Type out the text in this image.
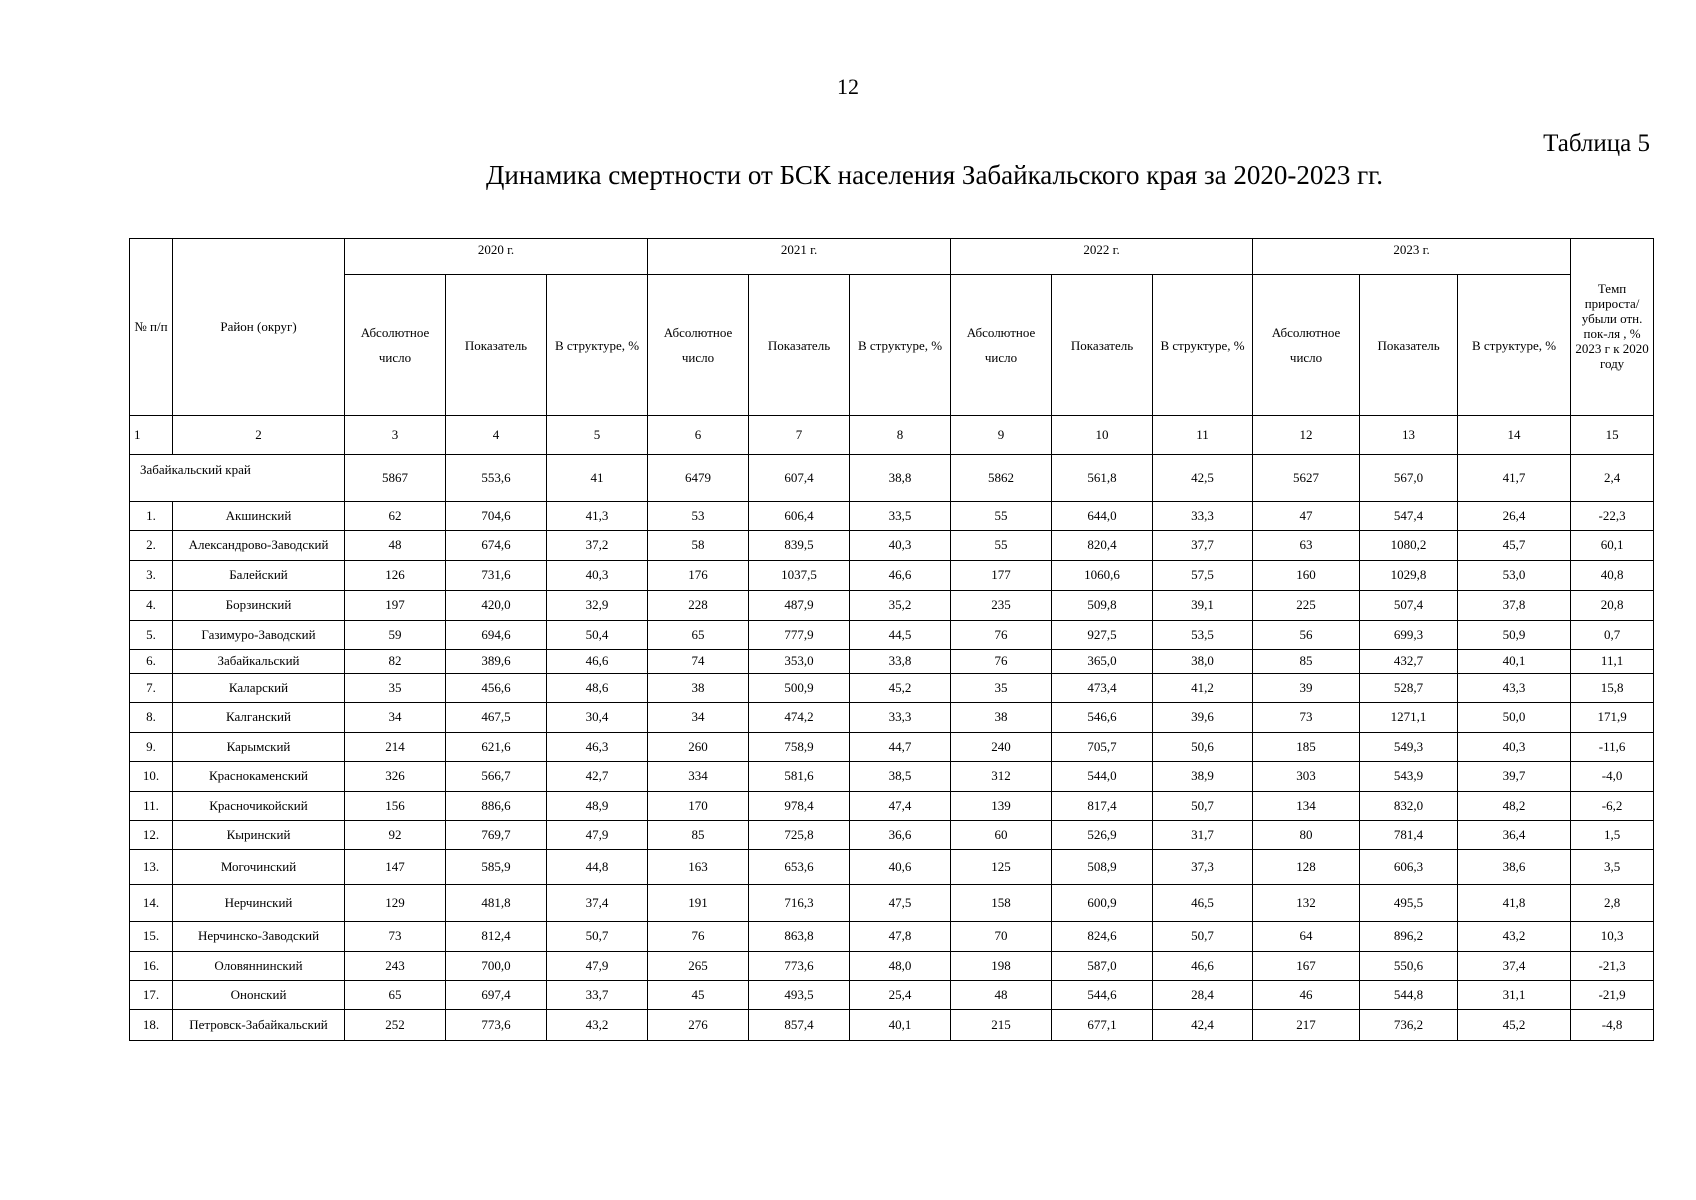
12
Таблица 5
Динамика смертности от БСК населения Забайкальского края за 2020-2023 гг.
№ п/п	Район (округ)	2020 г.			2021 г.			2022 г.			2023 г.			Темп прироста/ убыли отн. пок-ля , % 2023 г к 2020 году
		Абсолютное число	Показатель	В структуре, %	Абсолютное число	Показатель	В структуре, %	Абсолютное число	Показатель	В структуре, %	Абсолютное число	Показатель	В структуре, %	
1	2	3	4	5	6	7	8	9	10	11	12	13	14	15
Забайкальский край		5867	553,6	41	6479	607,4	38,8	5862	561,8	42,5	5627	567,0	41,7	2,4
1.	Акшинский	62	704,6	41,3	53	606,4	33,5	55	644,0	33,3	47	547,4	26,4	-22,3
2.	Александрово-Заводский	48	674,6	37,2	58	839,5	40,3	55	820,4	37,7	63	1080,2	45,7	60,1
3.	Балейский	126	731,6	40,3	176	1037,5	46,6	177	1060,6	57,5	160	1029,8	53,0	40,8
4.	Борзинский	197	420,0	32,9	228	487,9	35,2	235	509,8	39,1	225	507,4	37,8	20,8
5.	Газимуро-Заводский	59	694,6	50,4	65	777,9	44,5	76	927,5	53,5	56	699,3	50,9	0,7
6.	Забайкальский	82	389,6	46,6	74	353,0	33,8	76	365,0	38,0	85	432,7	40,1	11,1
7.	Каларский	35	456,6	48,6	38	500,9	45,2	35	473,4	41,2	39	528,7	43,3	15,8
8.	Калганский	34	467,5	30,4	34	474,2	33,3	38	546,6	39,6	73	1271,1	50,0	171,9
9.	Карымский	214	621,6	46,3	260	758,9	44,7	240	705,7	50,6	185	549,3	40,3	-11,6
10.	Краснокаменский	326	566,7	42,7	334	581,6	38,5	312	544,0	38,9	303	543,9	39,7	-4,0
11.	Красночикойский	156	886,6	48,9	170	978,4	47,4	139	817,4	50,7	134	832,0	48,2	-6,2
12.	Кыринский	92	769,7	47,9	85	725,8	36,6	60	526,9	31,7	80	781,4	36,4	1,5
13.	Могочинский	147	585,9	44,8	163	653,6	40,6	125	508,9	37,3	128	606,3	38,6	3,5
14.	Нерчинский	129	481,8	37,4	191	716,3	47,5	158	600,9	46,5	132	495,5	41,8	2,8
15.	Нерчинско-Заводский	73	812,4	50,7	76	863,8	47,8	70	824,6	50,7	64	896,2	43,2	10,3
16.	Оловяннинский	243	700,0	47,9	265	773,6	48,0	198	587,0	46,6	167	550,6	37,4	-21,3
17.	Ононский	65	697,4	33,7	45	493,5	25,4	48	544,6	28,4	46	544,8	31,1	-21,9
18.	Петровск-Забайкальский	252	773,6	43,2	276	857,4	40,1	215	677,1	42,4	217	736,2	45,2	-4,8
